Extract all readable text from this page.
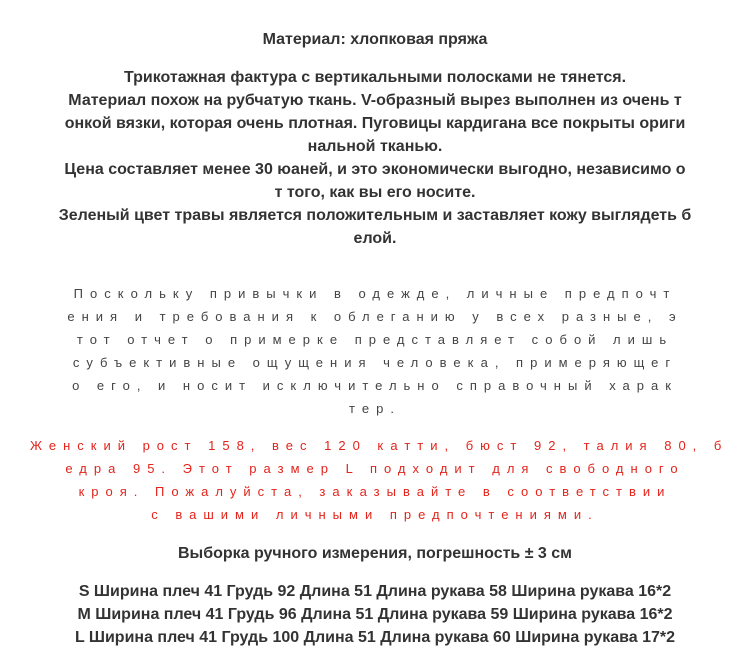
Материал: хлопковая пряжа
Трикотажная фактура с вертикальными полосками не тянется.
Материал похож на рубчатую ткань. V-образный вырез выполнен из очень т
онкой вязки, которая очень плотная. Пуговицы кардигана все покрыты ориги
нальной тканью.
Цена составляет менее 30 юаней, и это экономически выгодно, независимо о
т того, как вы его носите.
Зеленый цвет травы является положительным и заставляет кожу выглядеть б
елой.
Поскольку привычки в одежде, личные предпочт
ения и требования к облеганию у всех разные, э
тот отчет о примерке представляет собой лишь
субъективные ощущения человека, примеряющег
о его, и носит исключительно справочный харак
тер.
Женский рост 158, вес 120 катти, бюст 92, талия 80, б
едра 95. Этот размер L подходит для свободного
кроя. Пожалуйста, заказывайте в соответствии
с вашими личными предпочтениями.
Выборка ручного измерения, погрешность ± 3 см
S Ширина плеч 41 Грудь 92 Длина 51 Длина рукава 58 Ширина рукава 16*2
M Ширина плеч 41 Грудь 96 Длина 51 Длина рукава 59 Ширина рукава 16*2
L Ширина плеч 41 Грудь 100 Длина 51 Длина рукава 60 Ширина рукава 17*2
